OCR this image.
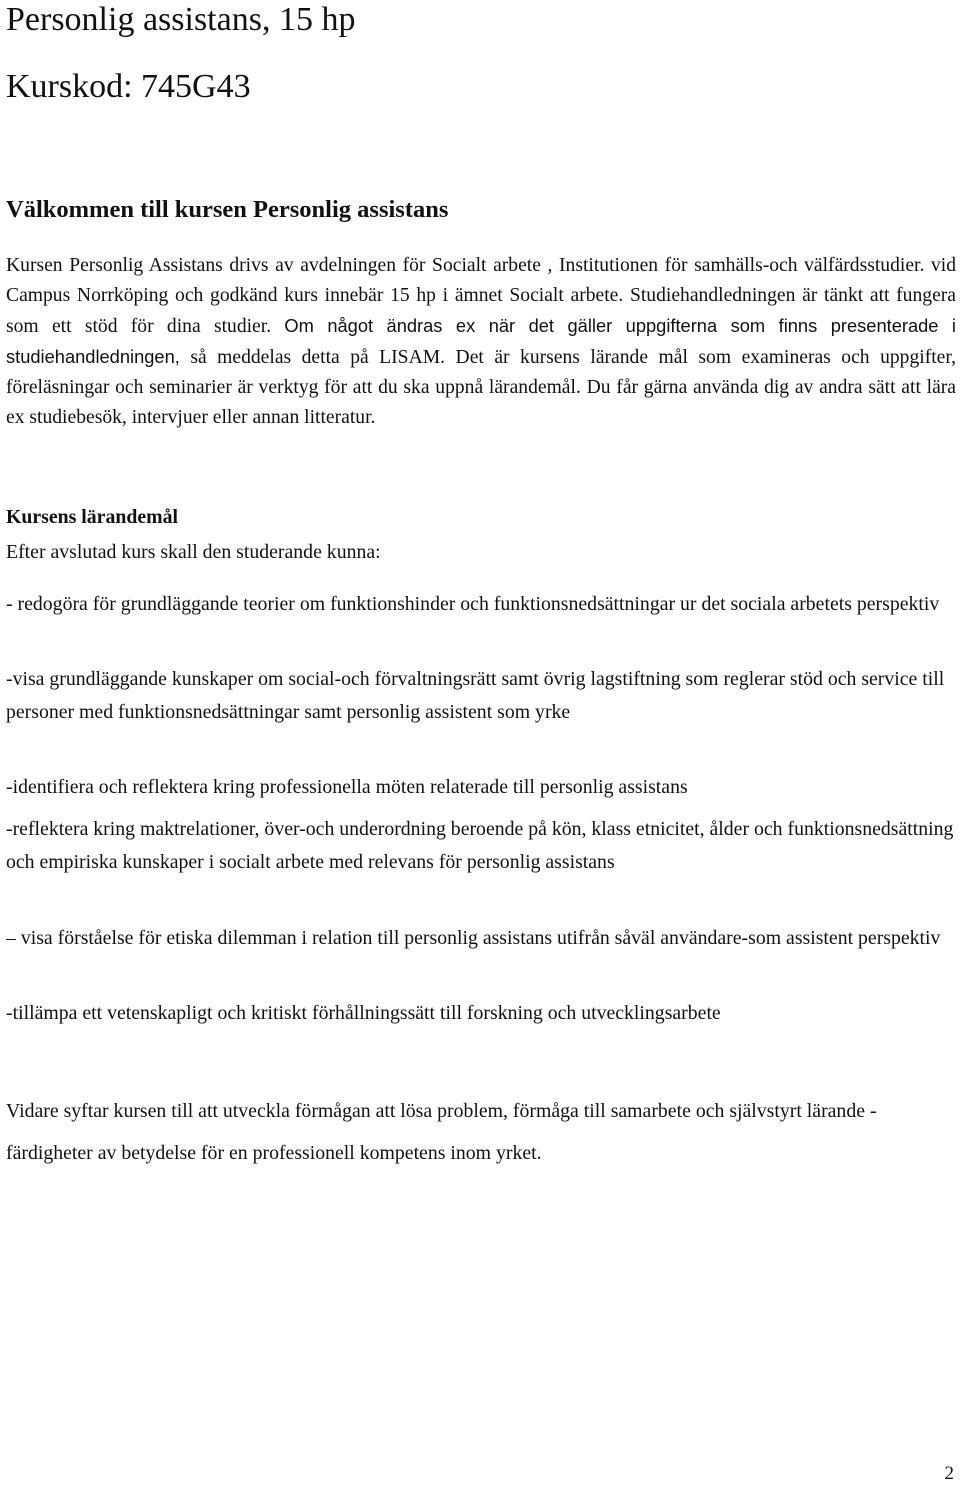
Personlig assistans, 15 hp
Kurskod: 745G43
Välkommen till kursen Personlig assistans

Kursen Personlig Assistans drivs av avdelningen för Socialt arbete , Institutionen för samhälls-och välfärdsstudier. vid Campus Norrköping och godkänd kurs innebär 15 hp i ämnet Socialt arbete. Studiehandledningen är tänkt att fungera som ett stöd för dina studier. Om något ändras ex när det gäller uppgifterna som finns presenterade i studiehandledningen, så meddelas detta på LISAM. Det är kursens lärande mål som examineras och uppgifter, föreläsningar och seminarier är verktyg för att du ska uppnå lärandemål. Du får gärna använda dig av andra sätt att lära ex studiebesök, intervjuer eller annan litteratur.

Kursens lärandemål

Efter avslutad kurs skall den studerande kunna:

- redogöra för grundläggande teorier om funktionshinder och funktionsnedsättningar ur det sociala arbetets perspektiv

-visa grundläggande kunskaper om social-och förvaltningsrätt samt övrig lagstiftning som reglerar stöd och service till personer med funktionsnedsättningar samt personlig assistent som yrke

-identifiera och reflektera kring professionella möten relaterade till personlig assistans

-reflektera kring maktrelationer, över-och underordning beroende på kön, klass etnicitet, ålder och funktionsnedsättning och empiriska kunskaper i socialt arbete med relevans för personlig assistans

– visa förståelse för etiska dilemman i relation till personlig assistans utifrån såväl användare-som assistent perspektiv

-tillämpa ett vetenskapligt och kritiskt förhållningssätt till forskning och utvecklingsarbete

Vidare syftar kursen till att utveckla förmågan att lösa problem, förmåga till samarbete och självstyrt lärande - färdigheter av betydelse för en professionell kompetens inom yrket.

2
